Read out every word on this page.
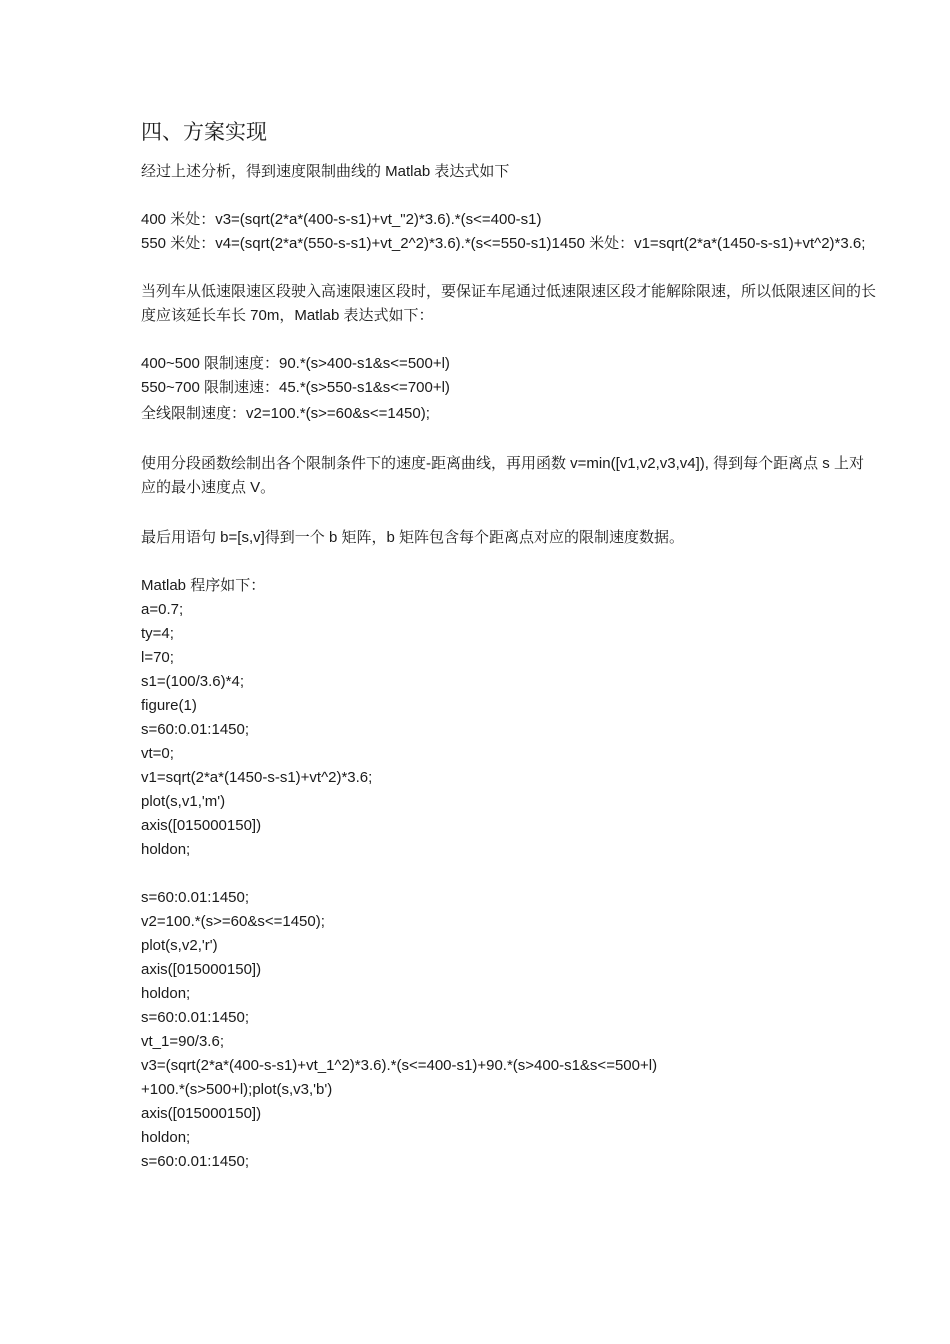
四、方案实现

经过上述分析，得到速度限制曲线的 Matlab 表达式如下

400 米处：v3=(sqrt(2*a*(400-s-s1)+vt_"2)*3.6).*(s<=400-s1)

550 米处：v4=(sqrt(2*a*(550-s-s1)+vt_2^2)*3.6).*(s<=550-s1)1450 米处：v1=sqrt(2*a*(1450-s-s1)+vt^2)*3.6;

当列车从低速限速区段驶入高速限速区段时，要保证车尾通过低速限速区段才能解除限速，所以低限速区间的长度应该延长车长 70m，Matlab 表达式如下：

400~500 限制速度：90.*(s>400-s1&s<=500+l)

550~700 限制速速：45.*(s>550-s1&s<=700+l)

全线限制速度：v2=100.*(s>=60&s<=1450);

使用分段函数绘制出各个限制条件下的速度-距离曲线，再用函数 v=min([v1,v2,v3,v4]), 得到每个距离点 s 上对应的最小速度点 V。

最后用语句 b=[s,v]得到一个 b 矩阵，b 矩阵包含每个距离点对应的限制速度数据。

Matlab 程序如下：

a=0.7;

ty=4;

l=70;

s1=(100/3.6)*4;

figure(1)

s=60:0.01:1450;

vt=0;

v1=sqrt(2*a*(1450-s-s1)+vt^2)*3.6;

plot(s,v1,'m')

axis([015000150])

holdon;

s=60:0.01:1450;

v2=100.*(s>=60&s<=1450);

plot(s,v2,'r')

axis([015000150])

holdon;

s=60:0.01:1450;

vt_1=90/3.6;

v3=(sqrt(2*a*(400-s-s1)+vt_1^2)*3.6).*(s<=400-s1)+90.*(s>400-s1&s<=500+l)

+100.*(s>500+l);plot(s,v3,'b')

axis([015000150])

holdon;

s=60:0.01:1450;
